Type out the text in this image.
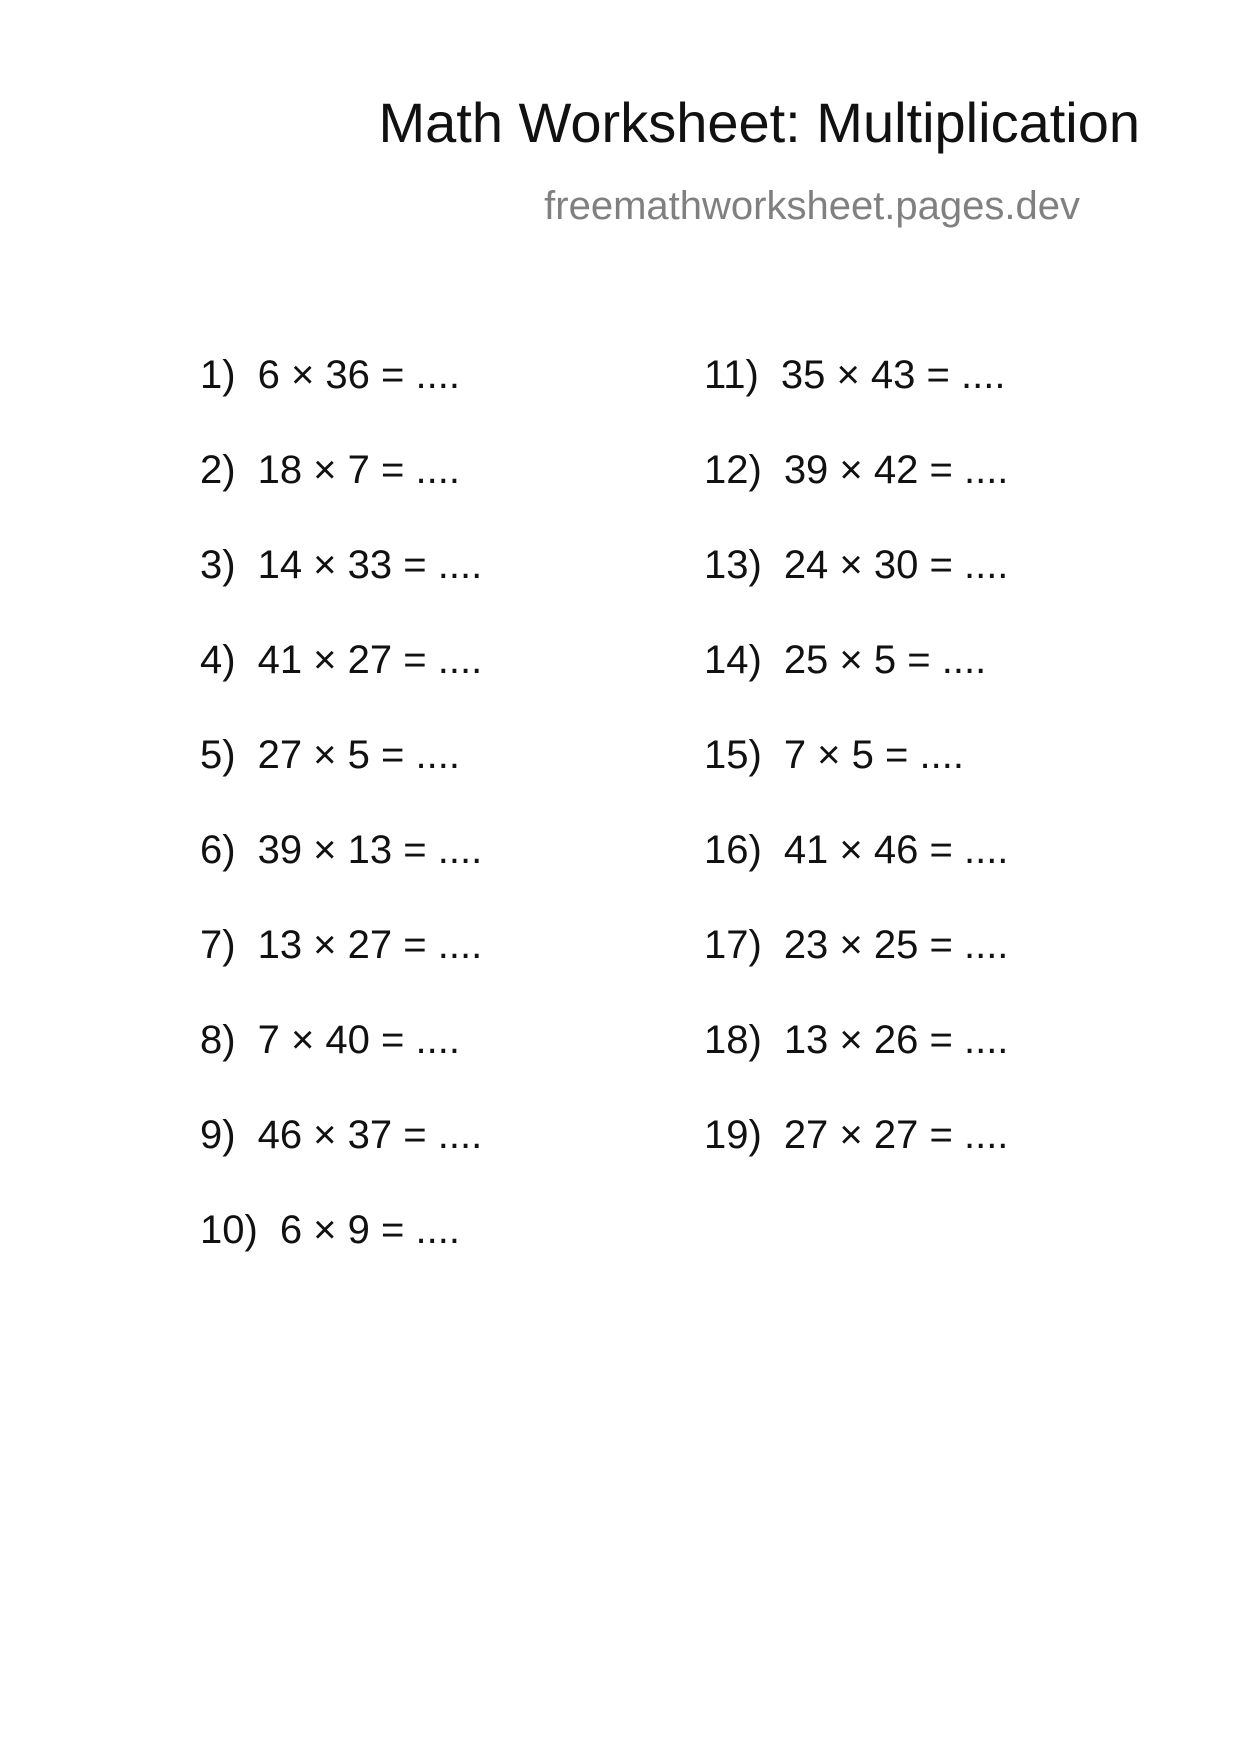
Math Worksheet: Multiplication
freemathworksheet.pages.dev
1) 6 × 36 = ....
2) 18 × 7 = ....
3) 14 × 33 = ....
4) 41 × 27 = ....
5) 27 × 5 = ....
6) 39 × 13 = ....
7) 13 × 27 = ....
8) 7 × 40 = ....
9) 46 × 37 = ....
10) 6 × 9 = ....
11) 35 × 43 = ....
12) 39 × 42 = ....
13) 24 × 30 = ....
14) 25 × 5 = ....
15) 7 × 5 = ....
16) 41 × 46 = ....
17) 23 × 25 = ....
18) 13 × 26 = ....
19) 27 × 27 = ....
